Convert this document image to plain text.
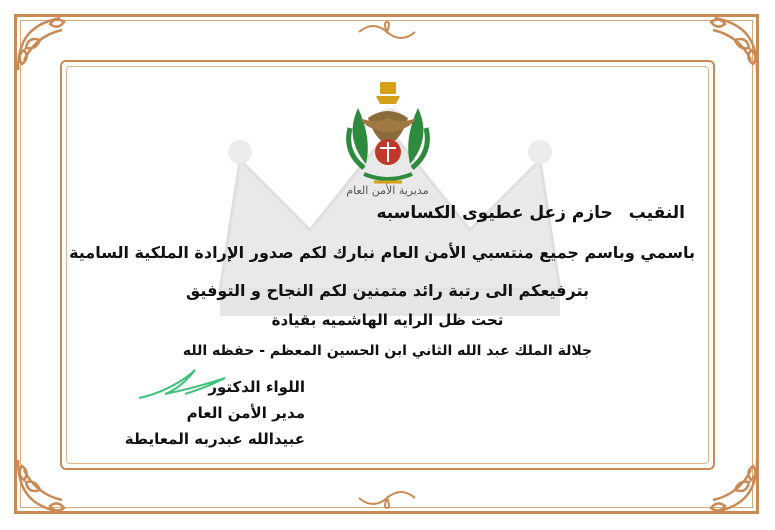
مديرية الأمن العام
النقيب حازم زعل عطيوى الكساسبه
باسمي وباسم جميع منتسبي الأمن العام نبارك لكم صدور الإرادة الملكية السامية
بترفيعكم الى رتبة رائد متمنين لكم النجاح و التوفيق
تحت ظل الرايه الهاشميه بقيادة
جلالة الملك عبد الله الثاني ابن الحسين المعظم - حفظه الله
اللواء الدكتور
مدير الأمن العام
عبيدالله عبدربه المعايطة
